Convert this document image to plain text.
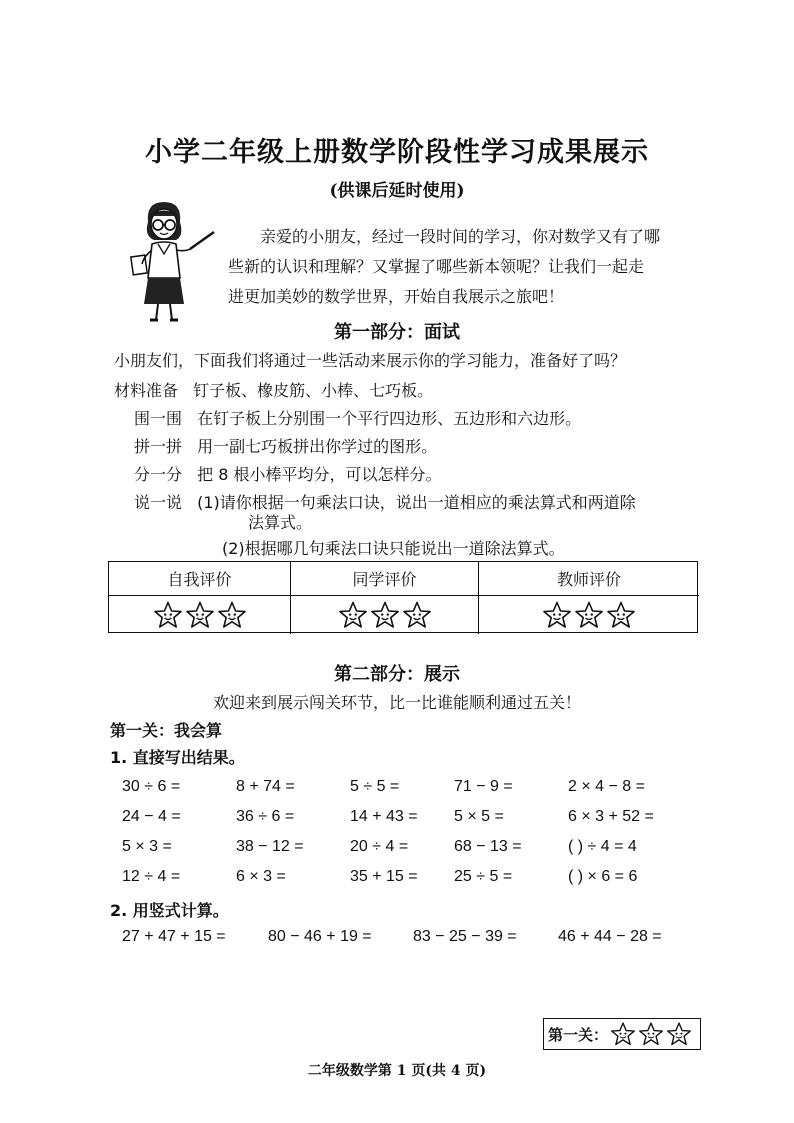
小学二年级上册数学阶段性学习成果展示
(供课后延时使用)

亲爱的小朋友，经过一段时间的学习，你对数学又有了哪

些新的认识和理解？又掌握了哪些新本领呢？让我们一起走

进更加美妙的数学世界，开始自我展示之旅吧！

第一部分：面试
小朋友们，下面我们将通过一些活动来展示你的学习能力，准备好了吗？
材料准备 钉子板、橡皮筋、小棒、七巧板。
围一围 在钉子板上分别围一个平行四边形、五边形和六边形。
拼一拼 用一副七巧板拼出你学过的图形。
分一分 把 8 根小棒平均分，可以怎样分。
说一说 (1)请你根据一句乘法口诀，说出一道相应的乘法算式和两道除
法算式。
(2)根据哪几句乘法口诀只能说出一道除法算式。
自我评价	同学评价	教师评价
第二部分：展示
欢迎来到展示闯关环节，比一比谁能顺利通过五关！
第一关：我会算
1. 直接写出结果。
30 ÷ 6 =	8 + 74 =	5 ÷ 5 =	71 − 9 =	2 × 4 − 8 =
24 − 4 =	36 ÷ 6 =	14 + 43 = 5 × 5 =	6 × 3 + 52 =
5 × 3 =	38 − 12 =	20 ÷ 4 =	68 − 13 =	( ) ÷ 4 = 4
12 ÷ 4 =	6 × 3 =	35 + 15 = 25 ÷ 5 =	( ) × 6 = 6
2. 用竖式计算。
27 + 47 + 15 =	80 − 46 + 19 =	83 − 25 − 39 =	46 + 44 − 28 =
第一关：
二年级数学第 1 页(共 4 页)
